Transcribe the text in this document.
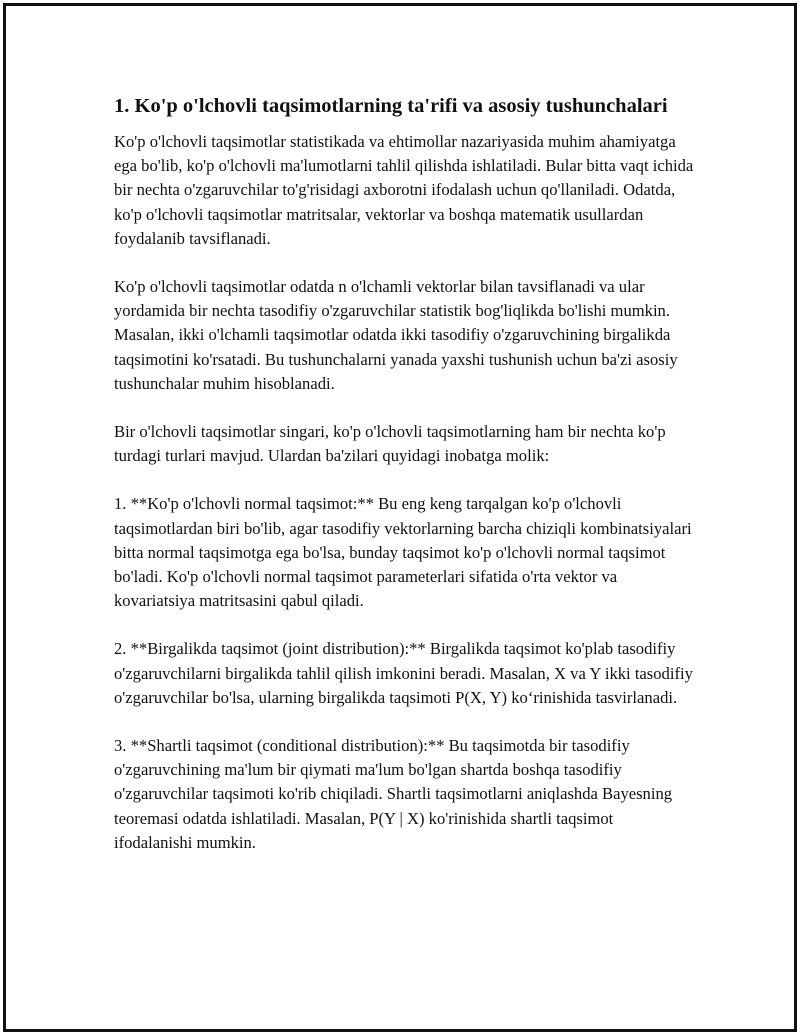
1. Ko'p o'lchovli taqsimotlarning ta'rifi va asosiy tushunchalari

Ko'p o'lchovli taqsimotlar statistikada va ehtimollar nazariyasida muhim ahamiyatga ega bo'lib, ko'p o'lchovli ma'lumotlarni tahlil qilishda ishlatiladi. Bular bitta vaqt ichida bir nechta o'zgaruvchilar to'g'risidagi axborotni ifodalash uchun qo'llaniladi. Odatda, ko'p o'lchovli taqsimotlar matritsalar, vektorlar va boshqa matematik usullardan foydalanib tavsiflanadi.

Ko'p o'lchovli taqsimotlar odatda n o'lchamli vektorlar bilan tavsiflanadi va ular yordamida bir nechta tasodifiy o'zgaruvchilar statistik bog'liqlikda bo'lishi mumkin. Masalan, ikki o'lchamli taqsimotlar odatda ikki tasodifiy o'zgaruvchining birgalikda taqsimotini ko'rsatadi. Bu tushunchalarni yanada yaxshi tushunish uchun ba'zi asosiy tushunchalar muhim hisoblanadi.

Bir o'lchovli taqsimotlar singari, ko'p o'lchovli taqsimotlarning ham bir nechta ko'p turdagi turlari mavjud. Ulardan ba'zilari quyidagi inobatga molik:

1. **Ko'p o'lchovli normal taqsimot:** Bu eng keng tarqalgan ko'p o'lchovli taqsimotlardan biri bo'lib, agar tasodifiy vektorlarning barcha chiziqli kombinatsiyalari bitta normal taqsimotga ega bo'lsa, bunday taqsimot ko'p o'lchovli normal taqsimot bo'ladi. Ko'p o'lchovli normal taqsimot parameterlari sifatida o'rta vektor va kovariatsiya matritsasini qabul qiladi.

2. **Birgalikda taqsimot (joint distribution):** Birgalikda taqsimot ko'plab tasodifiy o'zgaruvchilarni birgalikda tahlil qilish imkonini beradi. Masalan, X va Y ikki tasodifiy o'zgaruvchilar bo'lsa, ularning birgalikda taqsimoti P(X, Y) ko‘rinishida tasvirlanadi.

3. **Shartli taqsimot (conditional distribution):** Bu taqsimotda bir tasodifiy o'zgaruvchining ma'lum bir qiymati ma'lum bo'lgan shartda boshqa tasodifiy o'zgaruvchilar taqsimoti ko'rib chiqiladi. Shartli taqsimotlarni aniqlashda Bayesning teoremasi odatda ishlatiladi. Masalan, P(Y | X) ko'rinishida shartli taqsimot ifodalanishi mumkin.
